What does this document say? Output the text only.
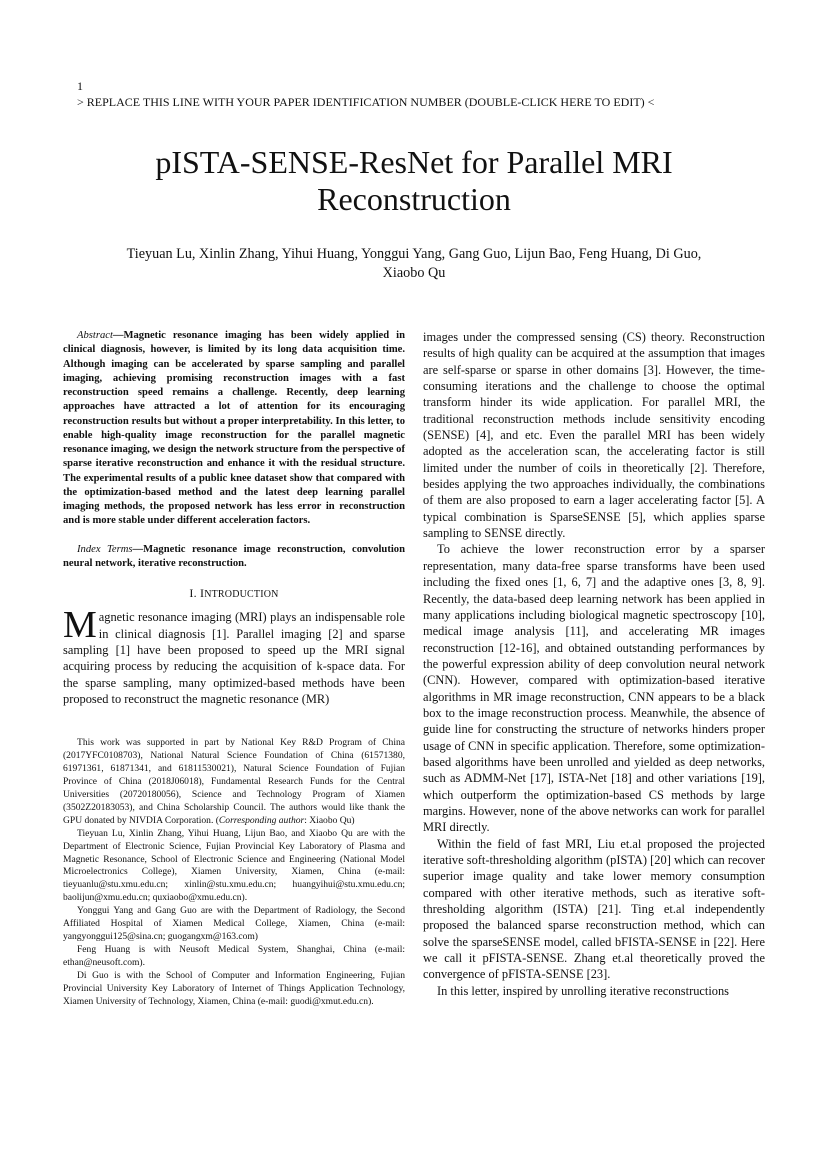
1
> REPLACE THIS LINE WITH YOUR PAPER IDENTIFICATION NUMBER (DOUBLE-CLICK HERE TO EDIT) <
pISTA-SENSE-ResNet for Parallel MRI
Reconstruction
Tieyuan Lu, Xinlin Zhang, Yihui Huang, Yonggui Yang, Gang Guo, Lijun Bao, Feng Huang, Di Guo, Xiaobo Qu

Abstract—Magnetic resonance imaging has been widely applied in clinical diagnosis, however, is limited by its long data acquisition time. Although imaging can be accelerated by sparse sampling and parallel imaging, achieving promising reconstruction images with a fast reconstruction speed remains a challenge. Recently, deep learning approaches have attracted a lot of attention for its encouraging reconstruction results but without a proper interpretability. In this letter, to enable high-quality image reconstruction for the parallel magnetic resonance imaging, we design the network structure from the perspective of sparse iterative reconstruction and enhance it with the residual structure. The experimental results of a public knee dataset show that compared with the optimization-based method and the latest deep learning parallel imaging methods, the proposed network has less error in reconstruction and is more stable under different acceleration factors.

Index Terms—Magnetic resonance image reconstruction, convolution neural network, iterative reconstruction.

I. INTRODUCTION

Magnetic resonance imaging (MRI) plays an indispensable role in clinical diagnosis [1]. Parallel imaging [2] and sparse sampling [1] have been proposed to speed up the MRI signal acquiring process by reducing the acquisition of k-space data. For the sparse sampling, many optimized-based methods have been proposed to reconstruct the magnetic resonance (MR)

This work was supported in part by National Key R&D Program of China (2017YFC0108703), National Natural Science Foundation of China (61571380, 61971361, 61871341, and 61811530021), Natural Science Foundation of Fujian Province of China (2018J06018), Fundamental Research Funds for the Central Universities (20720180056), Science and Technology Program of Xiamen (3502Z20183053), and China Scholarship Council. The authors would like thank the GPU donated by NIVDIA Corporation. (Corresponding author: Xiaobo Qu)

Tieyuan Lu, Xinlin Zhang, Yihui Huang, Lijun Bao, and Xiaobo Qu are with the Department of Electronic Science, Fujian Provincial Key Laboratory of Plasma and Magnetic Resonance, School of Electronic Science and Engineering (National Model Microelectronics College), Xiamen University, Xiamen, China (e-mail: tieyuanlu@stu.xmu.edu.cn; xinlin@stu.xmu.edu.cn; huangyihui@stu.xmu.edu.cn; baolijun@xmu.edu.cn; quxiaobo@xmu.edu.cn).

Yonggui Yang and Gang Guo are with the Department of Radiology, the Second Affiliated Hospital of Xiamen Medical College, Xiamen, China (e-mail: yangyonggui125@sina.cn; guogangxm@163.com)

Feng Huang is with Neusoft Medical System, Shanghai, China (e-mail: ethan@neusoft.com).

Di Guo is with the School of Computer and Information Engineering, Fujian Provincial University Key Laboratory of Internet of Things Application Technology, Xiamen University of Technology, Xiamen, China (e-mail: guodi@xmut.edu.cn).

images under the compressed sensing (CS) theory. Reconstruction results of high quality can be acquired at the assumption that images are self-sparse or sparse in other domains [3]. However, the time-consuming iterations and the challenge to choose the optimal transform hinder its wide application. For parallel MRI, the traditional reconstruction methods include sensitivity encoding (SENSE) [4], and etc. Even the parallel MRI has been widely adopted as the acceleration scan, the accelerating factor is still limited under the number of coils in theoretically [2]. Therefore, besides applying the two approaches individually, the combinations of them are also proposed to earn a lager accelerating factor [5]. A typical combination is SparseSENSE [5], which applies sparse sampling to SENSE directly.

To achieve the lower reconstruction error by a sparser representation, many data-free sparse transforms have been used including the fixed ones [1, 6, 7] and the adaptive ones [3, 8, 9]. Recently, the data-based deep learning network has been applied in many applications including biological magnetic spectroscopy [10], medical image analysis [11], and accelerating MR images reconstruction [12-16], and obtained outstanding performances by the powerful expression ability of deep convolution neural network (CNN). However, compared with optimization-based iterative algorithms in MR image reconstruction, CNN appears to be a black box to the image reconstruction process. Meanwhile, the absence of guide line for constructing the structure of networks hinders proper usage of CNN in specific application. Therefore, some optimization-based algorithms have been unrolled and yielded as deep networks, such as ADMM-Net [17], ISTA-Net [18] and other variations [19], which outperform the optimization-based CS methods by large margins. However, none of the above networks can work for parallel MRI directly.

Within the field of fast MRI, Liu et.al proposed the projected iterative soft-thresholding algorithm (pISTA) [20] which can recover superior image quality and take lower memory consumption compared with other iterative methods, such as iterative soft-thresholding algorithm (ISTA) [21]. Ting et.al independently proposed the balanced sparse reconstruction method, which can solve the sparseSENSE model, called bFISTA-SENSE in [22]. Here we call it pFISTA-SENSE. Zhang et.al theoretically proved the convergence of pFISTA-SENSE [23].

In this letter, inspired by unrolling iterative reconstructions
